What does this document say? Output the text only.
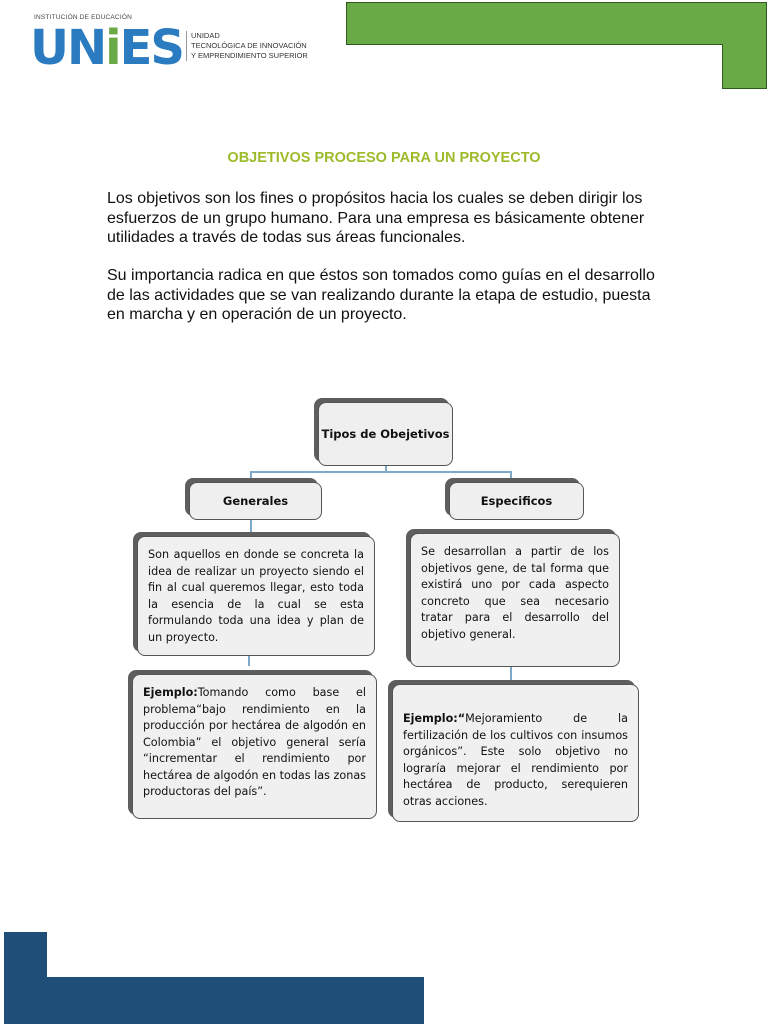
INSTITUCIÓN DE EDUCACIÓN
U N i E S UNIDAD
TECNOLÓGICA DE INNOVACIÓN
Y EMPRENDIMIENTO SUPERIOR
OBJETIVOS PROCESO PARA UN PROYECTO
Los objetivos son los fines o propósitos hacia los cuales se deben dirigir los esfuerzos de un grupo humano. Para una empresa es básicamente obtener utilidades a través de todas sus áreas funcionales.
Su importancia radica en que éstos son tomados como guías en el desarrollo de las actividades que se van realizando durante la etapa de estudio, puesta en marcha y en operación de un proyecto.
Tipos de Obejetivos
Generales	Especificos
Son aquellos en donde se concreta la idea de realizar un proyecto siendo el fin al cual queremos llegar, esto toda la esencia de la cual se esta formulando toda una idea y plan de un proyecto.
Se desarrollan a partir de los objetivos gene, de tal forma que existirá uno por cada aspecto concreto que sea necesario tratar para el desarrollo del objetivo general.
Ejemplo:Tomando como base el problema“bajo rendimiento en la producción por hectárea de algodón en Colombia” el objetivo general sería “incrementar el rendimiento por hectárea de algodón en todas las zonas productoras del país”.
Ejemplo:“Mejoramiento de la fertilización de los cultivos con insumos orgánicos”. Este solo objetivo no lograría mejorar el rendimiento por hectárea de producto, serequieren otras acciones.
